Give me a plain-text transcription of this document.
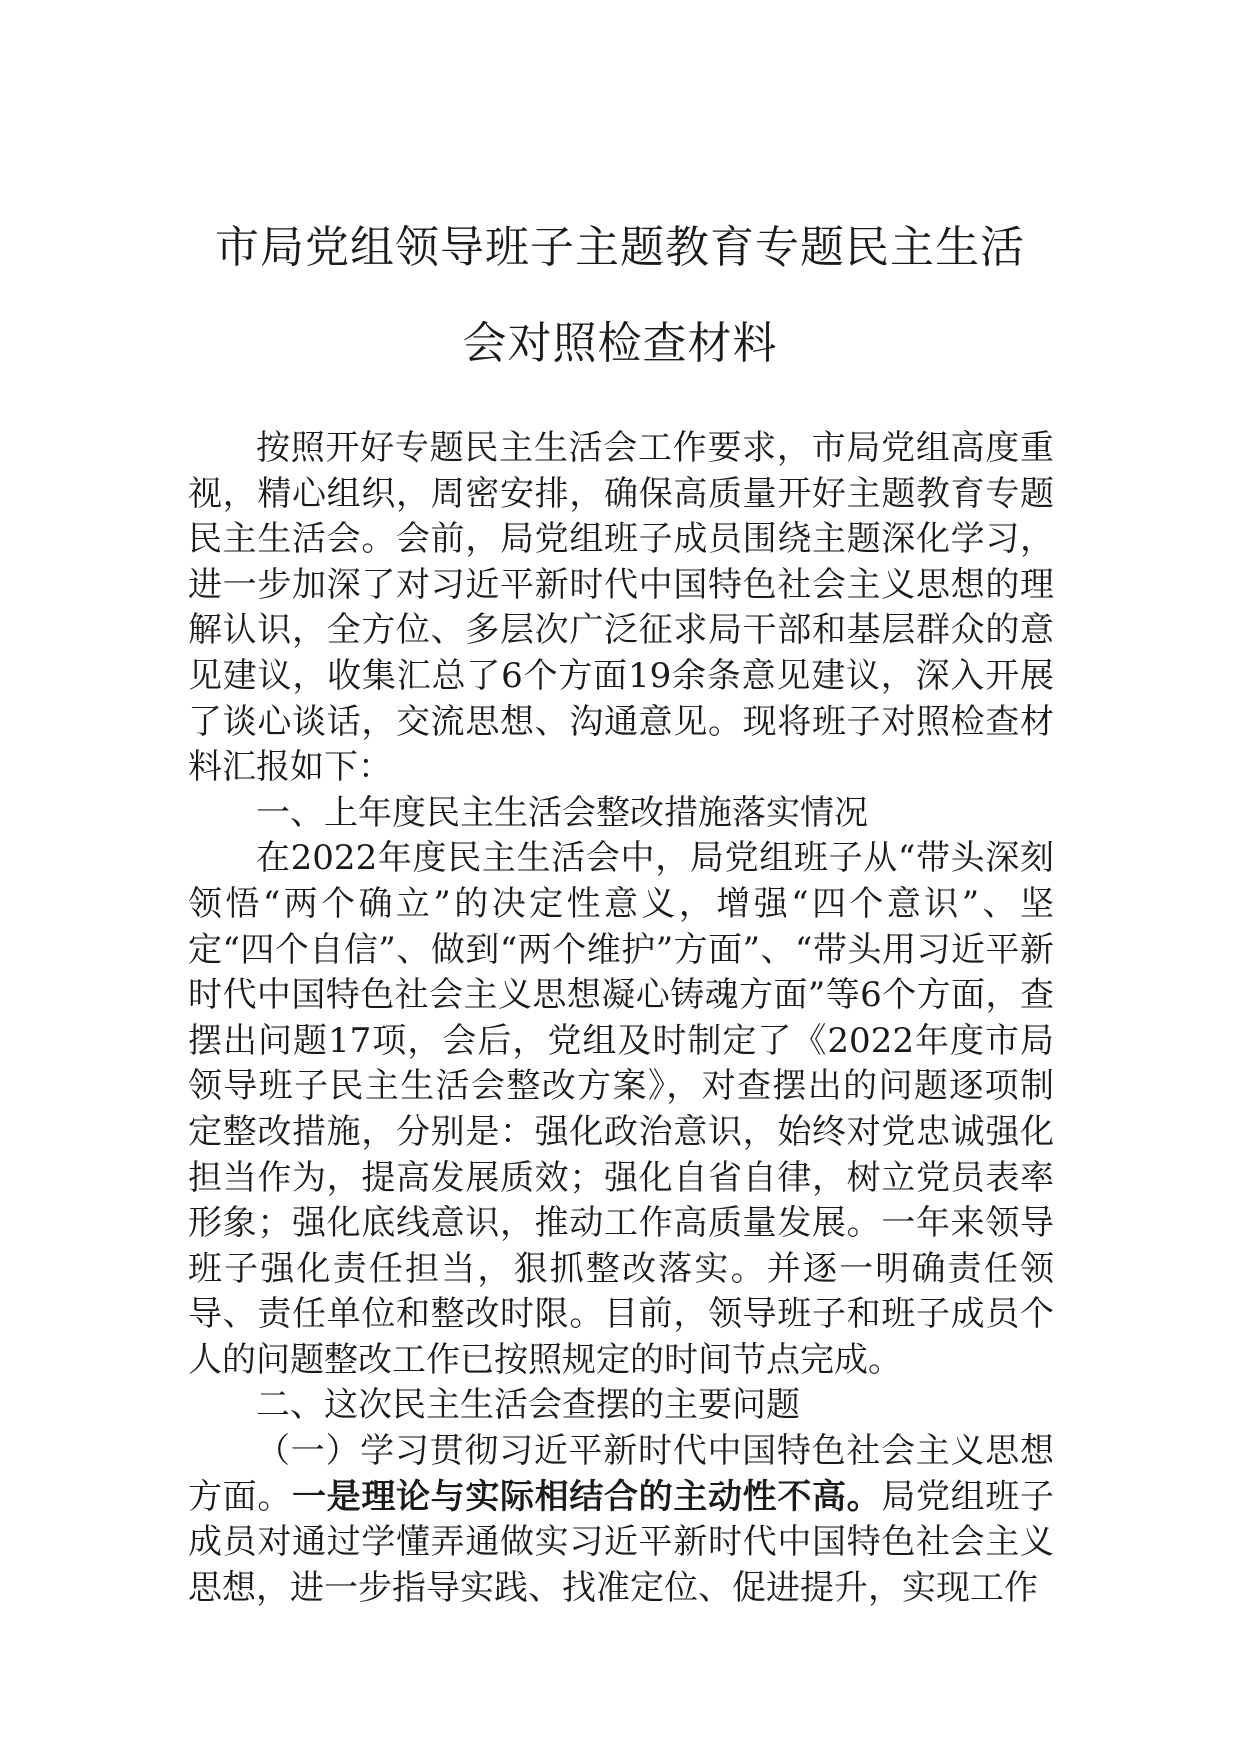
市局党组领导班子主题教育专题民主生活
会对照检查材料

按照开好专题民主生活会工作要求，市局党组高度重视，精心组织，周密安排，确保高质量开好主题教育专题民主生活会。会前，局党组班子成员围绕主题深化学习，进一步加深了对习近平新时代中国特色社会主义思想的理解认识，全方位、多层次广泛征求局干部和基层群众的意见建议，收集汇总了6个方面19余条意见建议，深入开展了谈心谈话，交流思想、沟通意见。现将班子对照检查材料汇报如下：

一、上年度民主生活会整改措施落实情况

在2022年度民主生活会中，局党组班子从“带头深刻领悟“两个确立”的决定性意义，增强“四个意识”、坚定“四个自信”、做到“两个维护”方面”、“带头用习近平新时代中国特色社会主义思想凝心铸魂方面”等6个方面，查摆出问题17项，会后，党组及时制定了《2022年度市局领导班子民主生活会整改方案》，对查摆出的问题逐项制定整改措施，分别是：强化政治意识，始终对党忠诚强化担当作为，提高发展质效；强化自省自律，树立党员表率形象；强化底线意识，推动工作高质量发展。一年来领导班子强化责任担当，狠抓整改落实。并逐一明确责任领导、责任单位和整改时限。目前，领导班子和班子成员个人的问题整改工作已按照规定的时间节点完成。

二、这次民主生活会查摆的主要问题

（一）学习贯彻习近平新时代中国特色社会主义思想方面。一是理论与实际相结合的主动性不高。局党组班子成员对通过学懂弄通做实习近平新时代中国特色社会主义思想，进一步指导实践、找准定位、促进提升，实现工作
